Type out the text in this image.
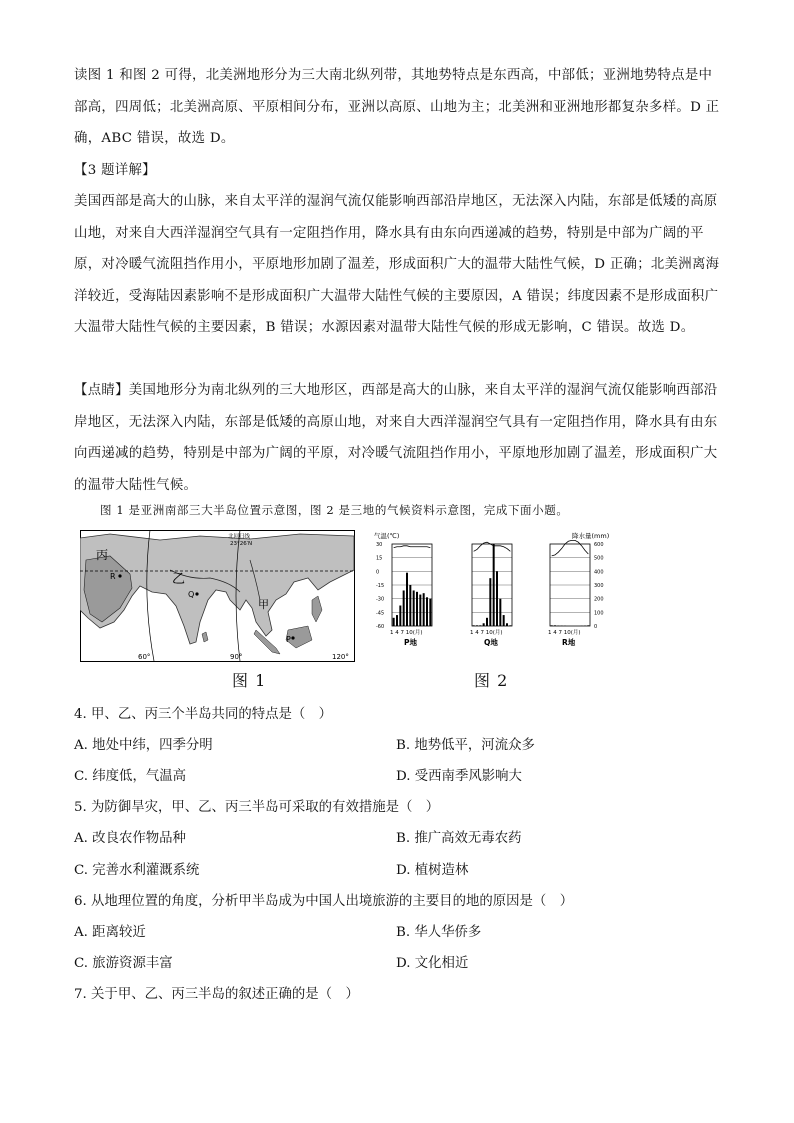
读图 1 和图 2 可得，北美洲地形分为三大南北纵列带，其地势特点是东西高，中部低；亚洲地势特点是中部高，四周低；北美洲高原、平原相间分布，亚洲以高原、山地为主；北美洲和亚洲地形都复杂多样。D 正确，ABC 错误，故选 D。
【3 题详解】
美国西部是高大的山脉，来自太平洋的湿润气流仅能影响西部沿岸地区，无法深入内陆，东部是低矮的高原山地，对来自大西洋湿润空气具有一定阻挡作用，降水具有由东向西递减的趋势，特别是中部为广阔的平原，对冷暖气流阻挡作用小，平原地形加剧了温差，形成面积广大的温带大陆性气候，D 正确；北美洲离海洋较近，受海陆因素影响不是形成面积广大温带大陆性气候的主要原因，A 错误；纬度因素不是形成面积广大温带大陆性气候的主要因素，B 错误；水源因素对温带大陆性气候的形成无影响，C 错误。故选 D。
【点睛】美国地形分为南北纵列的三大地形区，西部是高大的山脉，来自太平洋的湿润气流仅能影响西部沿岸地区，无法深入内陆，东部是低矮的高原山地，对来自大西洋湿润空气具有一定阻挡作用，降水具有由东向西递减的趋势，特别是中部为广阔的平原，对冷暖气流阻挡作用小，平原地形加剧了温差，形成面积广大的温带大陆性气候。
图 1 是亚洲南部三大半岛位置示意图，图 2 是三地的气候资料示意图，完成下面小题。
北回归线
23°26′N
丙
乙
甲
R
Q
P
60°	90°	120°
图 1
气温(℃)	降水量(mm)
1 4 7 10(月)
P地
1 4 7 10(月)
Q地
1 4 7 10(月)
R地
30
15
0
-15
-30
-45
-60
600
500
400
300
200
100
0
图 2
4. 甲、乙、丙三个半岛共同的特点是（　）
A. 地处中纬，四季分明	B. 地势低平，河流众多
C. 纬度低，气温高	D. 受西南季风影响大
5. 为防御旱灾，甲、乙、丙三半岛可采取的有效措施是（　）
A. 改良农作物品种	B. 推广高效无毒农药
C. 完善水利灌溉系统	D. 植树造林
6. 从地理位置的角度，分析甲半岛成为中国人出境旅游的主要目的地的原因是（　）
A. 距离较近	B. 华人华侨多
C. 旅游资源丰富	D. 文化相近
7. 关于甲、乙、丙三半岛的叙述正确的是（　）
